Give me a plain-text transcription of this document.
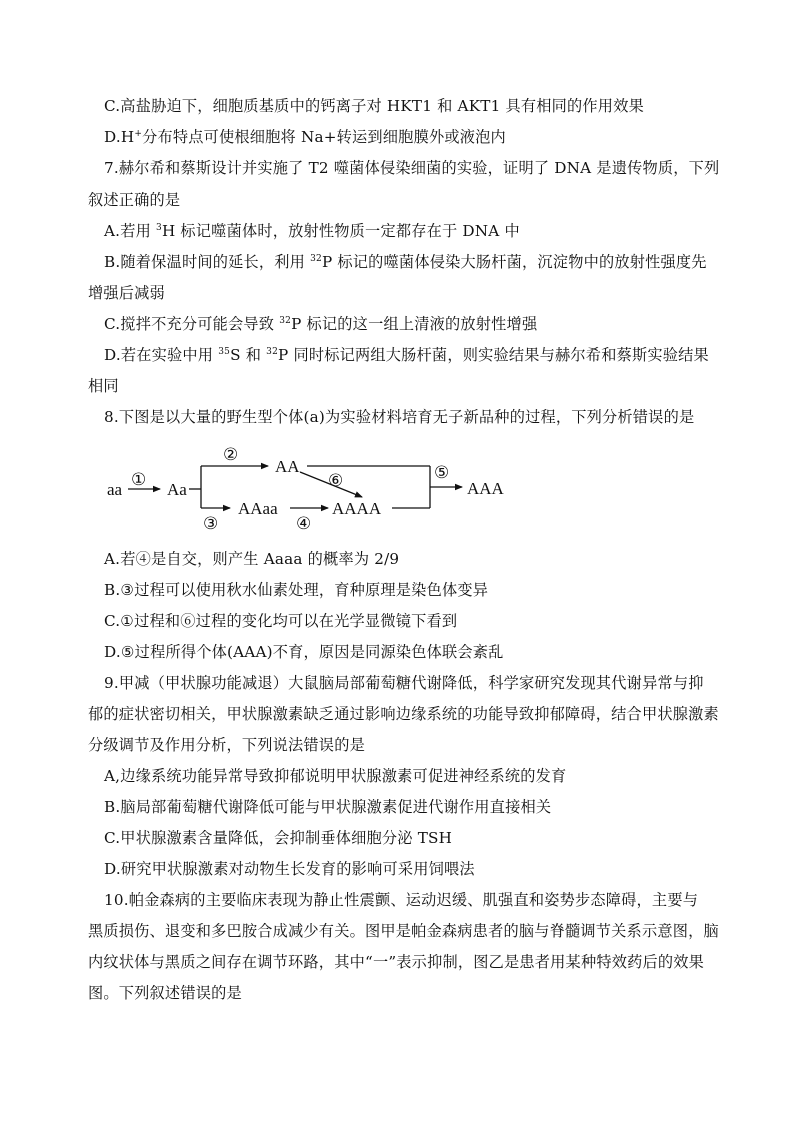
C.高盐胁迫下，细胞质基质中的钙离子对 HKT1 和 AKT1 具有相同的作用效果
D.H+分布特点可使根细胞将 Na+转运到细胞膜外或液泡内
7.赫尔希和蔡斯设计并实施了 T2 噬菌体侵染细菌的实验，证明了 DNA 是遗传物质，下列
叙述正确的是
A.若用 $^3$H 标记噬菌体时，放射性物质一定都存在于 DNA 中
B.随着保温时间的延长，利用 $^{32}$P 标记的噬菌体侵染大肠杆菌，沉淀物中的放射性强度先
增强后减弱
C.搅拌不充分可能会导致 $^{32}$P 标记的这一组上清液的放射性增强
D.若在实验中用 $^{35}$S 和 $^{32}$P 同时标记两组大肠杆菌，则实验结果与赫尔希和蔡斯实验结果
相同
8.下图是以大量的野生型个体(a)为实验材料培育无子新品种的过程，下列分析错误的是
aa
①
Aa
②
AA
③
AAaa
④
AAAA
⑥	⑤
AAA
A.若④是自交，则产生 Aaaa 的概率为 2/9
B.③过程可以使用秋水仙素处理，育种原理是染色体变异
C.①过程和⑥过程的变化均可以在光学显微镜下看到
D.⑤过程所得个体(AAA)不育，原因是同源染色体联会紊乱
9.甲减（甲状腺功能减退）大鼠脑局部葡萄糖代谢降低，科学家研究发现其代谢异常与抑
郁的症状密切相关，甲状腺激素缺乏通过影响边缘系统的功能导致抑郁障碍，结合甲状腺激素
分级调节及作用分析，下列说法错误的是
A,边缘系统功能异常导致抑郁说明甲状腺激素可促进神经系统的发育
B.脑局部葡萄糖代谢降低可能与甲状腺激素促进代谢作用直接相关
C.甲状腺激素含量降低，会抑制垂体细胞分泌 TSH
D.研究甲状腺激素对动物生长发育的影响可采用饲喂法
10.帕金森病的主要临床表现为静止性震颤、运动迟缓、肌强直和姿势步态障碍，主要与
黑质损伤、退变和多巴胺合成减少有关。图甲是帕金森病患者的脑与脊髓调节关系示意图，脑
内纹状体与黑质之间存在调节环路，其中“一”表示抑制，图乙是患者用某种特效药后的效果
图。下列叙述错误的是
